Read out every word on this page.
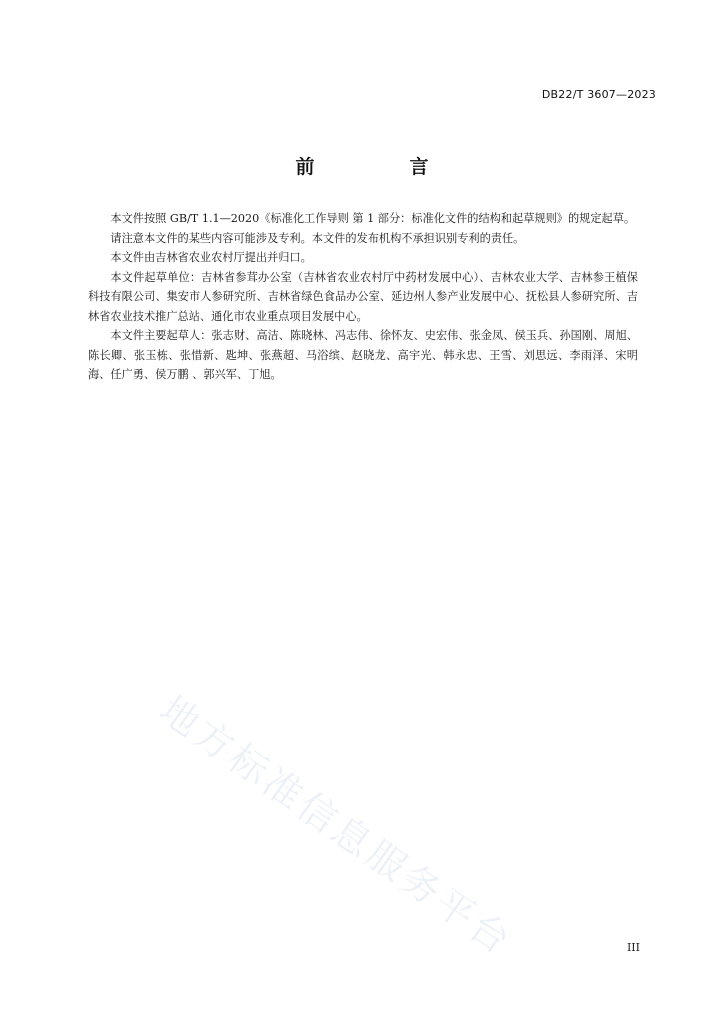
DB22/T 3607—2023
前　言

本文件按照 GB/T 1.1—2020《标准化工作导则 第 1 部分：标准化文件的结构和起草规则》的规定起草。

请注意本文件的某些内容可能涉及专利。本文件的发布机构不承担识别专利的责任。

本文件由吉林省农业农村厅提出并归口。

本文件起草单位：吉林省参茸办公室（吉林省农业农村厅中药材发展中心）、吉林农业大学、吉林参王植保科技有限公司、集安市人参研究所、吉林省绿色食品办公室、延边州人参产业发展中心、抚松县人参研究所、吉林省农业技术推广总站、通化市农业重点项目发展中心。

本文件主要起草人：张志财、高洁、陈晓林、冯志伟、徐怀友、史宏伟、张金凤、侯玉兵、孙国刚、周旭、陈长卿、张玉栋、张惜新、匙坤、张燕超、马浴缤、赵晓龙、高宇光、韩永忠、王雪、刘思远、李雨泽、宋明海、任广勇、侯万鹏 、郭兴军、丁旭。

地方标准信息服务平台	III
